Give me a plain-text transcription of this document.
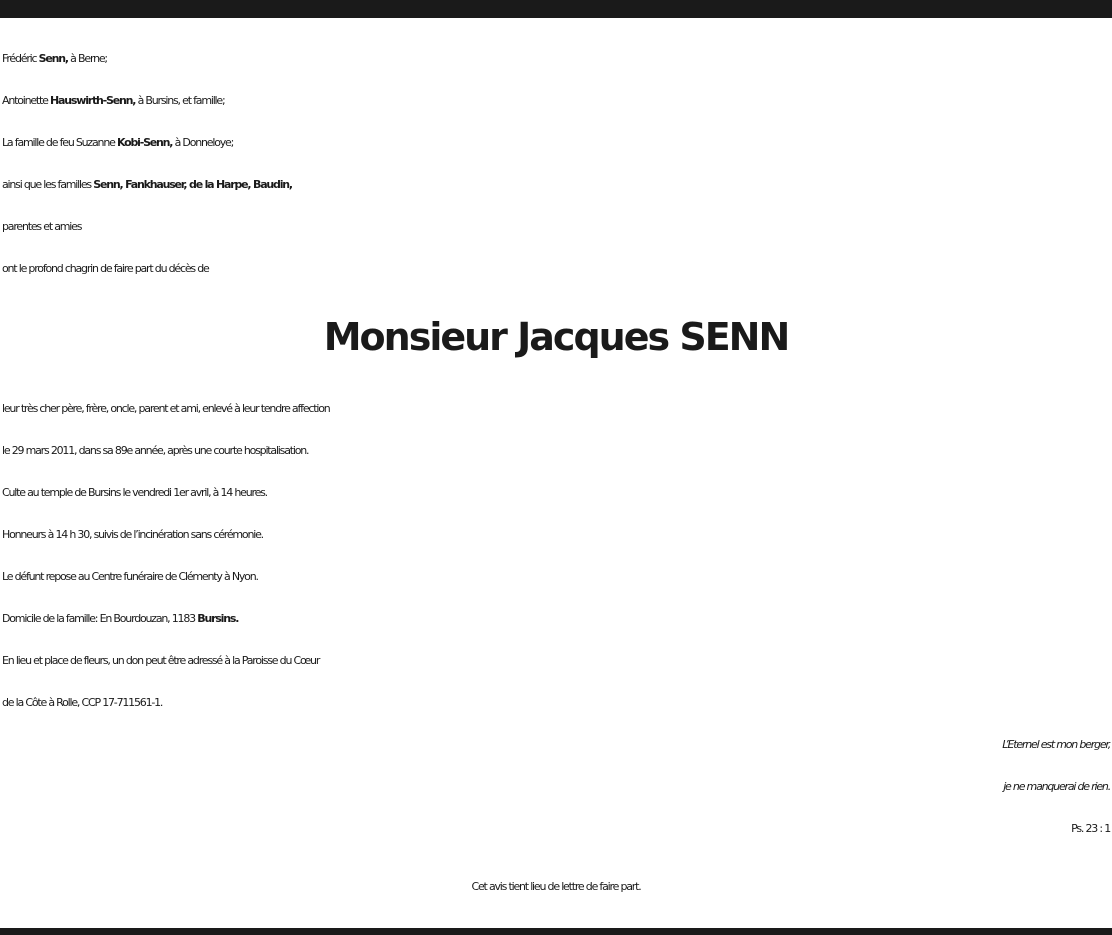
Frédéric Senn, à Berne;
Antoinette Hauswirth-Senn, à Bursins, et famille;
La famille de feu Suzanne Kobi-Senn, à Donneloye;
ainsi que les familles Senn, Fankhauser, de la Harpe, Baudin,
parentes et amies
ont le profond chagrin de faire part du décès de
Monsieur Jacques SENN
leur très cher père, frère, oncle, parent et ami, enlevé à leur tendre affection
le 29 mars 2011, dans sa 89e année, après une courte hospitalisation.
Culte au temple de Bursins le vendredi 1er avril, à 14 heures.
Honneurs à 14 h 30, suivis de l’incinération sans cérémonie.
Le défunt repose au Centre funéraire de Clémenty à Nyon.
Domicile de la famille: En Bourdouzan, 1183 Bursins.
En lieu et place de fleurs, un don peut être adressé à la Paroisse du Cœur
de la Côte à Rolle, CCP 17-711561-1.
L’Eternel est mon berger,
je ne manquerai de rien.
Ps. 23 : 1
Cet avis tient lieu de lettre de faire part.
